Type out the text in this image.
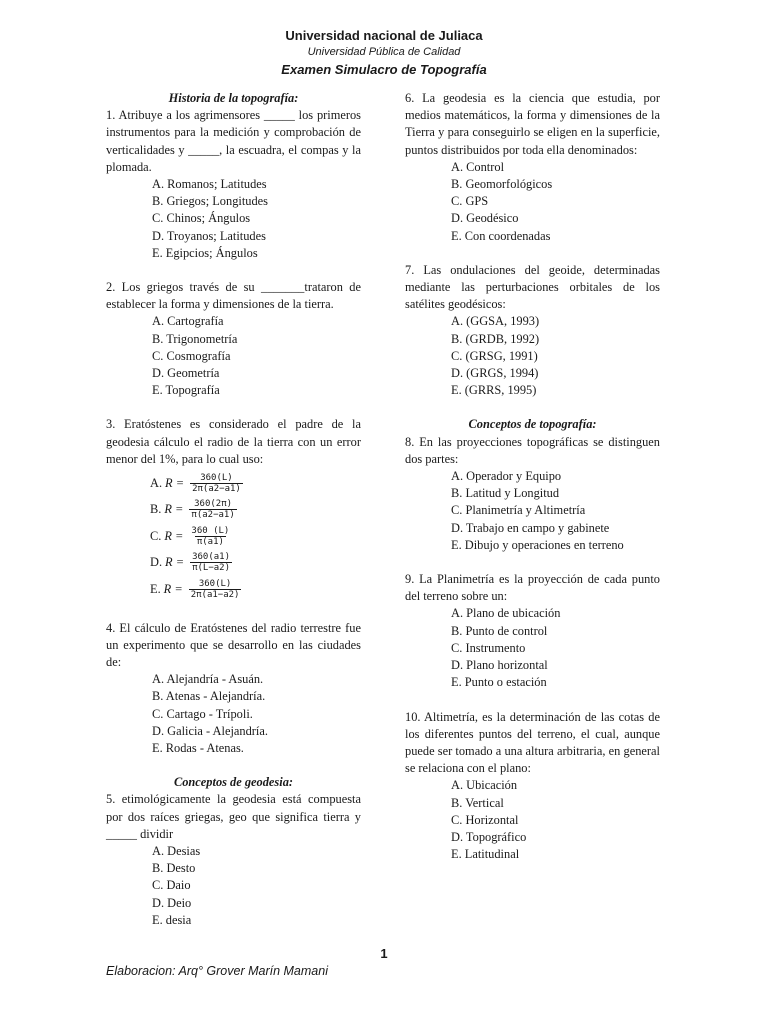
Universidad nacional de Juliaca
Universidad Pública de Calidad
Examen Simulacro de Topografía
Historia de la topografía:

1. Atribuye a los agrimensores _____ los primeros instrumentos para la medición y comprobación de verticalidades y _____, la escuadra, el compas y la plomada.

A. Romanos; Latitudes
B. Griegos; Longitudes
C. Chinos; Ángulos
D. Troyanos; Latitudes
E. Egipcios; Ángulos

2. Los griegos través de su _______trataron de establecer la forma y dimensiones de la tierra.

A. Cartografía
B. Trigonometría
C. Cosmografía
D. Geometría
E. Topografía

3. Eratóstenes es considerado el padre de la geodesia cálculo el radio de la tierra con un error menor del 1%, para lo cual uso:

A. $R = \frac{360(L)}{2\pi(a2-a1)}$
B. $R = \frac{360(2\pi)}{\pi(a2-a1)}$
C. $R = \frac{360 (L)}{\pi(a1)}$
D. $R = \frac{360(a1)}{\pi(L-a2)}$
E. $R = \frac{360(L)}{2\pi(a1-a2)}$

4. El cálculo de Eratóstenes del radio terrestre fue un experimento que se desarrollo en las ciudades de:

A. Alejandría - Asuán.
B. Atenas - Alejandría.
C. Cartago - Trípoli.
D. Galicia - Alejandría.
E. Rodas - Atenas.
Conceptos de geodesia:

5. etimológicamente la geodesia está compuesta por dos raíces griegas, geo que significa tierra y _____ dividir

A. Desias
B. Desto
C. Daio
D. Deio
E. desia

6. La geodesia es la ciencia que estudia, por medios matemáticos, la forma y dimensiones de la Tierra y para conseguirlo se eligen en la superficie, puntos distribuidos por toda ella denominados:

A. Control
B. Geomorfológicos
C. GPS
D. Geodésico
E. Con coordenadas

7. Las ondulaciones del geoide, determinadas mediante las perturbaciones orbitales de los satélites geodésicos:

A. (GGSA, 1993)
B. (GRDB, 1992)
C. (GRSG, 1991)
D. (GRGS, 1994)
E. (GRRS, 1995)
Conceptos de topografía:

8. En las proyecciones topográficas se distinguen dos partes:

A. Operador y Equipo
B. Latitud y Longitud
C. Planimetría y Altimetría
D. Trabajo en campo y gabinete
E. Dibujo y operaciones en terreno

9. La Planimetría es la proyección de cada punto del terreno sobre un:

A. Plano de ubicación
B. Punto de control
C. Instrumento
D. Plano horizontal
E. Punto o estación

10. Altimetría, es la determinación de las cotas de los diferentes puntos del terreno, el cual, aunque puede ser tomado a una altura arbitraria, en general se relaciona con el plano:

A. Ubicación
B. Vertical
C. Horizontal
D. Topográfico
E. Latitudinal
1
Elaboracion: Arq° Grover Marín Mamani
